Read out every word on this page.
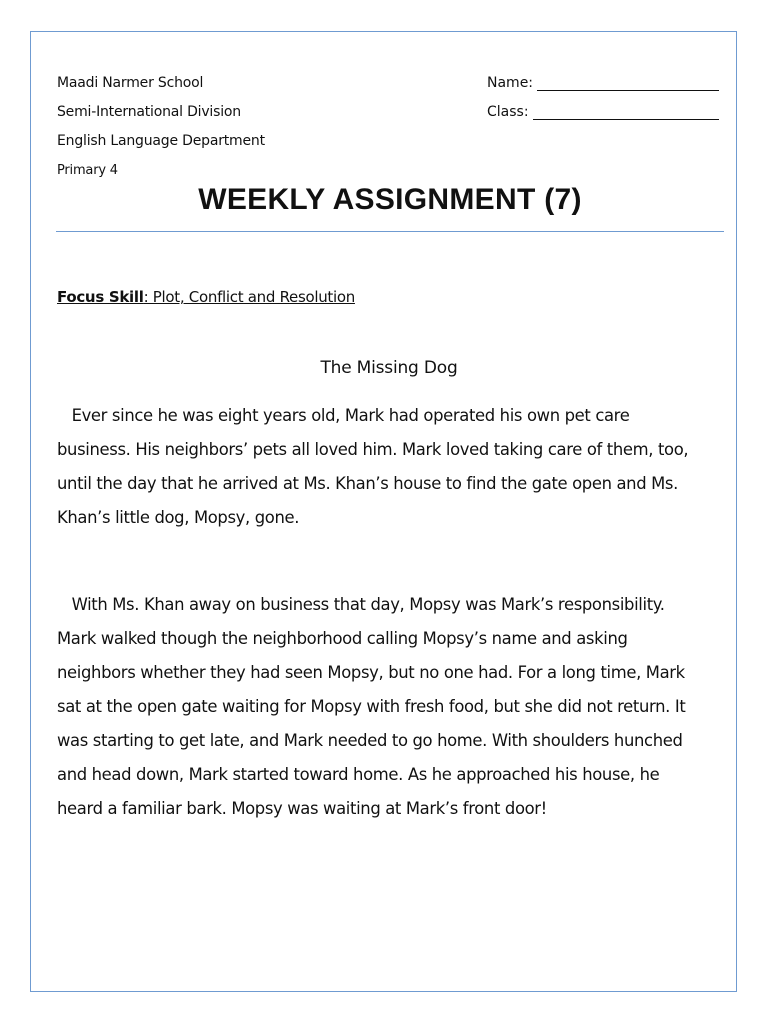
Maadi Narmer School
Semi-International Division
English Language Department
Primary 4
Name:
Class:
WEEKLY ASSIGNMENT (7)
Focus Skill: Plot, Conflict and Resolution
The Missing Dog
Ever since he was eight years old, Mark had operated his own pet care
business. His neighbors’ pets all loved him. Mark loved taking care of them, too,
until the day that he arrived at Ms. Khan’s house to find the gate open and Ms.
Khan’s little dog, Mopsy, gone.
With Ms. Khan away on business that day, Mopsy was Mark’s responsibility.
Mark walked though the neighborhood calling Mopsy’s name and asking
neighbors whether they had seen Mopsy, but no one had. For a long time, Mark
sat at the open gate waiting for Mopsy with fresh food, but she did not return. It
was starting to get late, and Mark needed to go home. With shoulders hunched
and head down, Mark started toward home. As he approached his house, he
heard a familiar bark. Mopsy was waiting at Mark’s front door!
